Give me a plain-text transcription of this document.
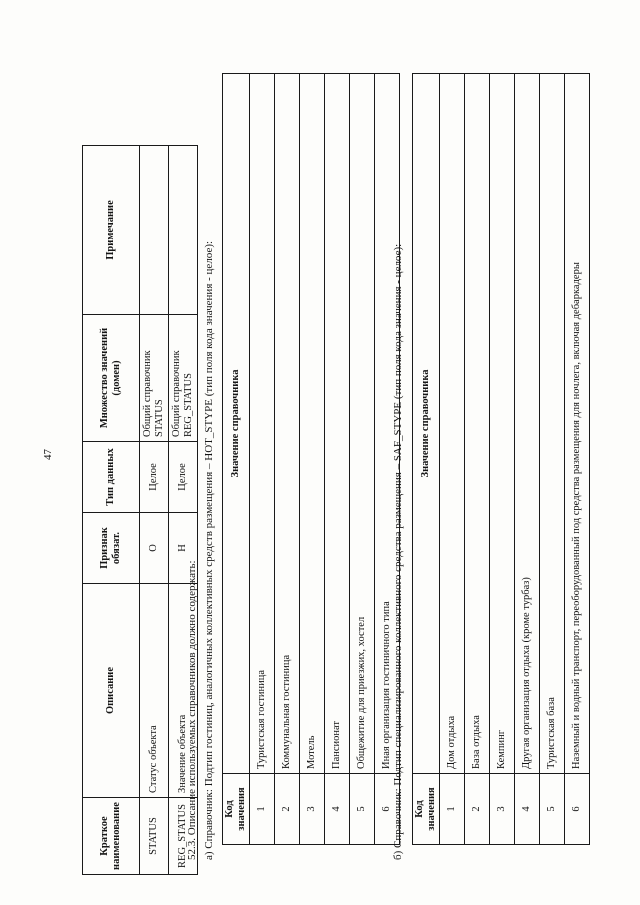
47
Краткое наименование	Описание	Признак обязат.	Тип данных	Множество значений (домен)	Примечание
STATUS	Статус объекта	О	Целое	Общий справочник STATUS	
REG_STATUS	Значение объекта	Н	Целое	Общий справочник REG_STATUS	
52.3. Описание используемых справочников должно содержать: а) Справочник: Подтип гостиниц, аналогичных коллективных средств размещения – HOT_STYPE (тип поля кода значения - целое): Код значения	Значение справочника
1	Туристская гостиница
2	Коммунальная гостиница
3	Мотель
4	Пансионат
5	Общежитие для приезжих, хостел
6	Иная организация гостиничного типа б) Справочник: Подтип специализированного коллективного средства размещения – SAF_STYPE (тип поля кода значения - целое): Код значения	Значение справочника
1	Дом отдыха
2	База отдыха
3	Кемпинг
4	Другая организация отдыха (кроме турбаз)
5	Туристская база
6	Наземный и водный транспорт, переоборудованный под средства размещения для ночлега, включая дебаркадеры
